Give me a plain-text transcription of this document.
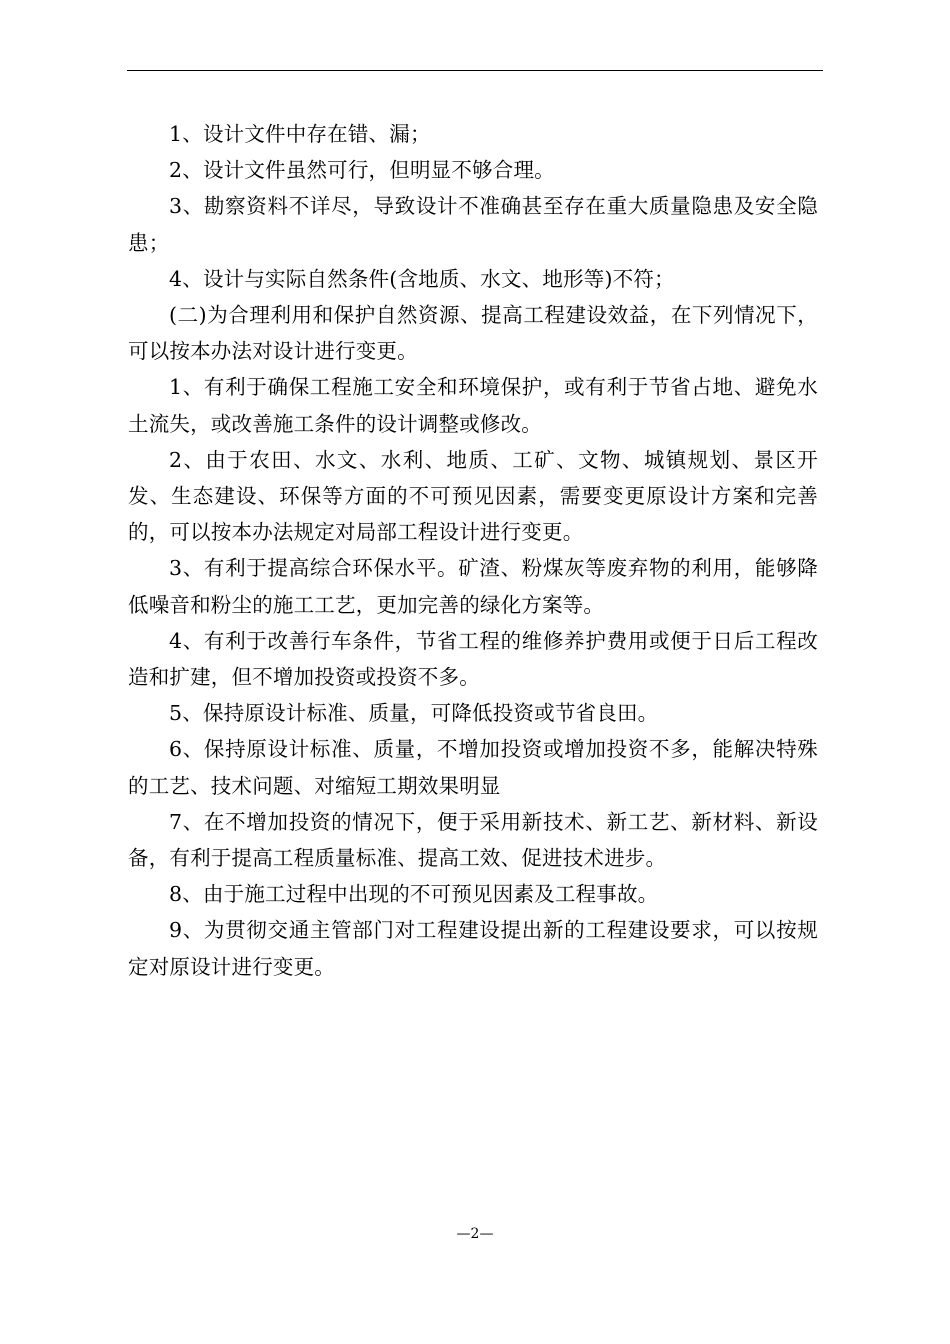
1、设计文件中存在错、漏；

2、设计文件虽然可行，但明显不够合理。

3、勘察资料不详尽，导致设计不准确甚至存在重大质量隐患及安全隐患；

4、设计与实际自然条件(含地质、水文、地形等)不符；

(二)为合理利用和保护自然资源、提高工程建设效益，在下列情况下，可以按本办法对设计进行变更。

1、有利于确保工程施工安全和环境保护，或有利于节省占地、避免水土流失，或改善施工条件的设计调整或修改。

2、由于农田、水文、水利、地质、工矿、文物、城镇规划、景区开发、生态建设、环保等方面的不可预见因素，需要变更原设计方案和完善的，可以按本办法规定对局部工程设计进行变更。

3、有利于提高综合环保水平。矿渣、粉煤灰等废弃物的利用，能够降低噪音和粉尘的施工工艺，更加完善的绿化方案等。

4、有利于改善行车条件，节省工程的维修养护费用或便于日后工程改造和扩建，但不增加投资或投资不多。

5、保持原设计标准、质量，可降低投资或节省良田。

6、保持原设计标准、质量，不增加投资或增加投资不多，能解决特殊的工艺、技术问题、对缩短工期效果明显

7、在不增加投资的情况下，便于采用新技术、新工艺、新材料、新设备，有利于提高工程质量标准、提高工效、促进技术进步。

8、由于施工过程中出现的不可预见因素及工程事故。

9、为贯彻交通主管部门对工程建设提出新的工程建设要求，可以按规定对原设计进行变更。

—2—
